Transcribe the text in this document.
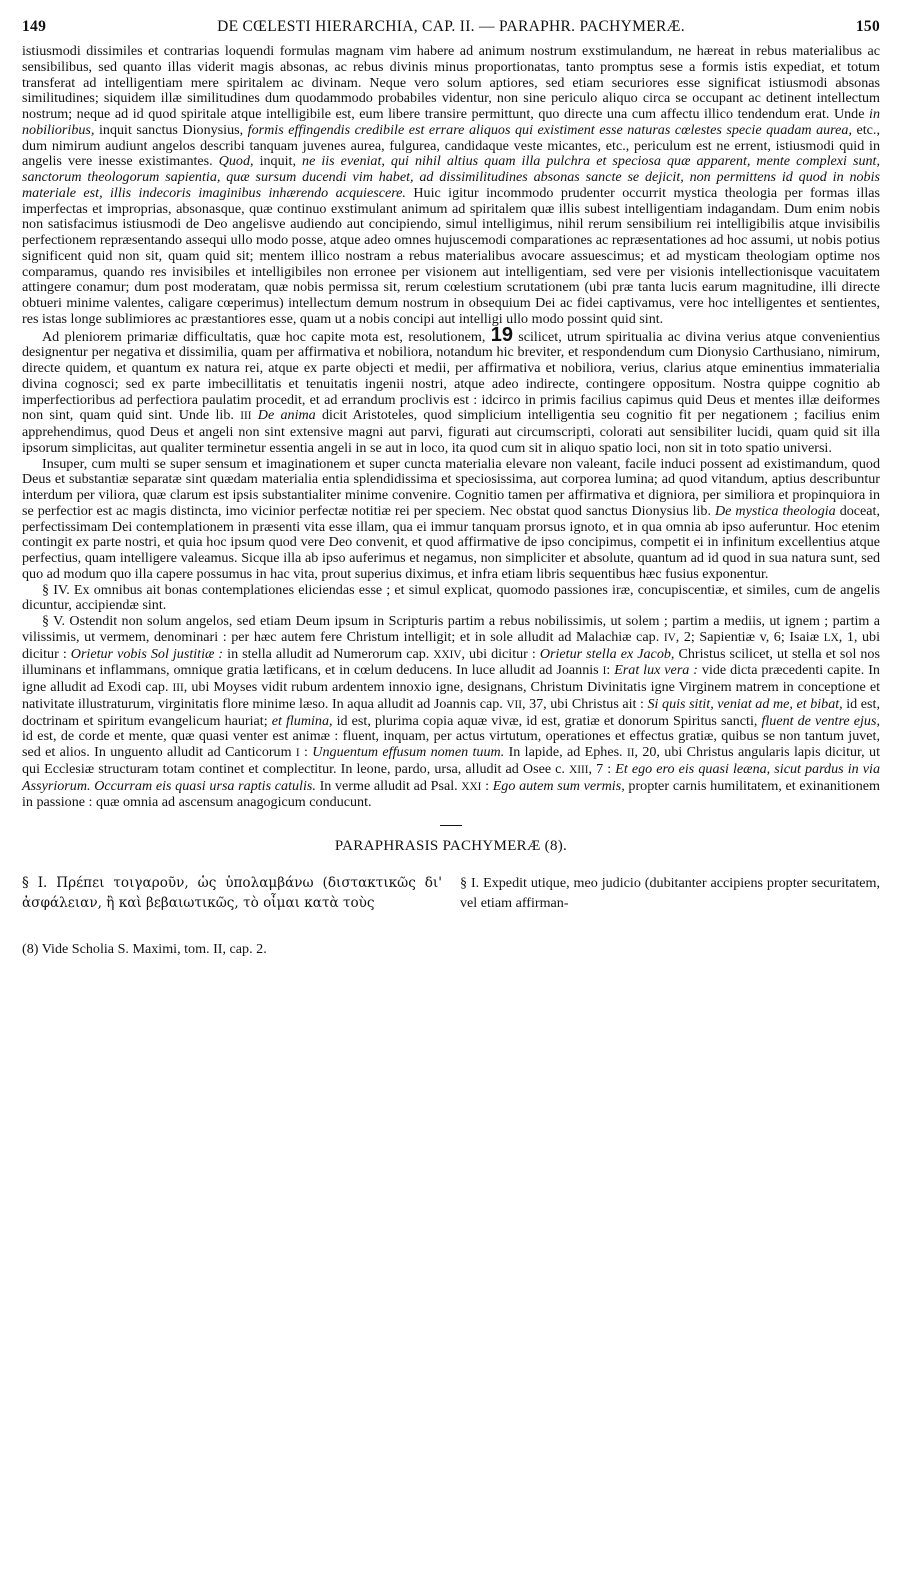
149	DE CŒLESTI HIERARCHIA, CAP. II. — PARAPHR. PACHYMERÆ.	150

istiusmodi dissimiles et contrarias loquendi formulas magnam vim habere ad animum nostrum exstimulandum, ne hæreat in rebus materialibus ac sensibilibus, sed quanto illas viderit magis absonas, ac rebus divinis minus proportionatas, tanto promptus sese a formis istis expediat, et totum transferat ad intelligentiam mere spiritalem ac divinam. Neque vero solum aptiores, sed etiam securiores esse significat istiusmodi absonas similitudines; siquidem illæ similitudines dum quodammodo probabiles videntur, non sine periculo aliquo circa se occupant ac detinent intellectum nostrum; neque ad id quod spiritale atque intelligibile est, eum libere transire permittunt, quo directe una cum affectu illico tendendum erat. Unde in nobilioribus, inquit sanctus Dionysius, formis effingendis credibile est errare aliquos qui existiment esse naturas cœlestes specie quadam aurea, etc., dum nimirum audiunt angelos describi tanquam juvenes aurea, fulgurea, candidaque veste micantes, etc., periculum est ne errent, istiusmodi quid in angelis vere inesse existimantes. Quod, inquit, ne iis eveniat, qui nihil altius quam illa pulchra et speciosa quæ apparent, mente complexi sunt, sanctorum theologorum sapientia, quæ sursum ducendi vim habet, ad dissimilitudines absonas sancte se dejicit, non permittens id quod in nobis materiale est, illis indecoris imaginibus inhærendo acquiescere. Huic igitur incommodo prudenter occurrit mystica theologia per formas illas imperfectas et improprias, absonasque, quæ continuo exstimulant animum ad spiritalem quæ illis subest intelligentiam indagandam. Dum enim nobis non satisfacimus istiusmodi de Deo angelisve audiendo aut concipiendo, simul intelligimus, nihil rerum sensibilium rei intelligibilis atque invisibilis perfectionem repræsentando assequi ullo modo posse, atque adeo omnes hujuscemodi comparationes ac repræsentationes ad hoc assumi, ut nobis potius significent quid non sit, quam quid sit; mentem illico nostram a rebus materialibus avocare assuescimus; et ad mysticam theologiam optime nos comparamus, quando res invisibiles et intelligibiles non erronee per visionem aut intelligentiam, sed vere per visionis intellectionisque vacuitatem attingere conamur; dum post moderatam, quæ nobis permissa sit, rerum cœlestium scrutationem (ubi præ tanta lucis earum magnitudine, illi directe obtueri minime valentes, caligare cœperimus) intellectum demum nostrum in obsequium Dei ac fidei captivamus, vere hoc intelligentes et sentientes, res istas longe sublimiores ac præstantiores esse, quam ut a nobis concipi aut intelligi ullo modo possint quid sint.

Ad pleniorem primariæ difficultatis, quæ hoc capite mota est, resolutionem, 19 scilicet, utrum spiritualia ac divina verius atque convenientius designentur per negativa et dissimilia, quam per affirmativa et nobiliora, notandum hic breviter, et respondendum cum Dionysio Carthusiano, nimirum, directe quidem, et quantum ex natura rei, atque ex parte objecti et medii, per affirmativa et nobiliora, verius, clarius atque eminentius immaterialia divina cognosci; sed ex parte imbecillitatis et tenuitatis ingenii nostri, atque adeo indirecte, contingere oppositum. Nostra quippe cognitio ab imperfectioribus ad perfectiora paulatim procedit, et ad errandum proclivis est : idcirco in primis facilius capimus quid Deus et mentes illæ deiformes non sint, quam quid sint. Unde lib. III De anima dicit Aristoteles, quod simplicium intelligentia seu cognitio fit per negationem ; facilius enim apprehendimus, quod Deus et angeli non sint extensive magni aut parvi, figurati aut circumscripti, colorati aut sensibiliter lucidi, quam quid sit illa ipsorum simplicitas, aut qualiter terminetur essentia angeli in se aut in loco, ita quod cum sit in aliquo spatio loci, non sit in toto spatio universi.

Insuper, cum multi se super sensum et imaginationem et super cuncta materialia elevare non valeant, facile induci possent ad existimandum, quod Deus et substantiæ separatæ sint quædam materialia entia splendidissima et speciosissima, aut corporea lumina; ad quod vitandum, aptius describuntur interdum per viliora, quæ clarum est ipsis substantialiter minime convenire. Cognitio tamen per affirmativa et digniora, per similiora et propinquiora in se perfectior est ac magis distincta, imo vicinior perfectæ notitiæ rei per speciem. Nec obstat quod sanctus Dionysius lib. De mystica theologia doceat, perfectissimam Dei contemplationem in præsenti vita esse illam, qua ei immur tanquam prorsus ignoto, et in qua omnia ab ipso auferuntur. Hoc etenim contingit ex parte nostri, et quia hoc ipsum quod vere Deo convenit, et quod affirmative de ipso concipimus, competit ei in infinitum excellentius atque perfectius, quam intelligere valeamus. Sicque illa ab ipso auferimus et negamus, non simpliciter et absolute, quantum ad id quod in sua natura sunt, sed quo ad modum quo illa capere possumus in hac vita, prout superius diximus, et infra etiam libris sequentibus hæc fusius exponentur.

§ IV. Ex omnibus ait bonas contemplationes eliciendas esse ; et simul explicat, quomodo passiones iræ, concupiscentiæ, et similes, cum de angelis dicuntur, accipiendæ sint.

§ V. Ostendit non solum angelos, sed etiam Deum ipsum in Scripturis partim a rebus nobilissimis, ut solem ; partim a mediis, ut ignem ; partim a vilissimis, ut vermem, denominari : per hæc autem fere Christum intelligit; et in sole alludit ad Malachiæ cap. IV, 2; Sapientiæ v, 6; Isaiæ LX, 1, ubi dicitur : Orietur vobis Sol justitiæ : in stella alludit ad Numerorum cap. XXIV, ubi dicitur : Orietur stella ex Jacob, Christus scilicet, ut stella et sol nos illuminans et inflammans, omnique gratia lætificans, et in cœlum deducens. In luce alludit ad Joannis I: Erat lux vera : vide dicta præcedenti capite. In igne alludit ad Exodi cap. III, ubi Moyses vidit rubum ardentem innoxio igne, designans, Christum Divinitatis igne Virginem matrem in conceptione et nativitate illustraturum, virginitatis flore minime læso. In aqua alludit ad Joannis cap. VII, 37, ubi Christus ait : Si quis sitit, veniat ad me, et bibat, id est, doctrinam et spiritum evangelicum hauriat; et flumina, id est, plurima copia aquæ vivæ, id est, gratiæ et donorum Spiritus sancti, fluent de ventre ejus, id est, de corde et mente, quæ quasi venter est animæ : fluent, inquam, per actus virtutum, operationes et effectus gratiæ, quibus se non tantum juvet, sed et alios. In unguento alludit ad Canticorum I : Unguentum effusum nomen tuum. In lapide, ad Ephes. II, 20, ubi Christus angularis lapis dicitur, ut qui Ecclesiæ structuram totam continet et complectitur. In leone, pardo, ursa, alludit ad Osee c. XIII, 7 : Et ego ero eis quasi leæna, sicut pardus in via Assyriorum. Occurram eis quasi ursa raptis catulis. In verme alludit ad Psal. XXI : Ego autem sum vermis, propter carnis humilitatem, et exinanitionem in passione : quæ omnia ad ascensum anagogicum conducunt.

PARAPHRASIS PACHYMERÆ (8).
§ I. Πρέπει τοιγαροῦν, ὡς ὑπολαμβάνω (διστακτικῶς δι' ἀσφάλειαν, ἢ καὶ βεβαιωτικῶς, τὸ οἶμαι κατὰ τοὺς
§ I. Expedit utique, meo judicio (dubitanter accipiens propter securitatem, vel etiam affirman-
(8) Vide Scholia S. Maximi, tom. II, cap. 2.
